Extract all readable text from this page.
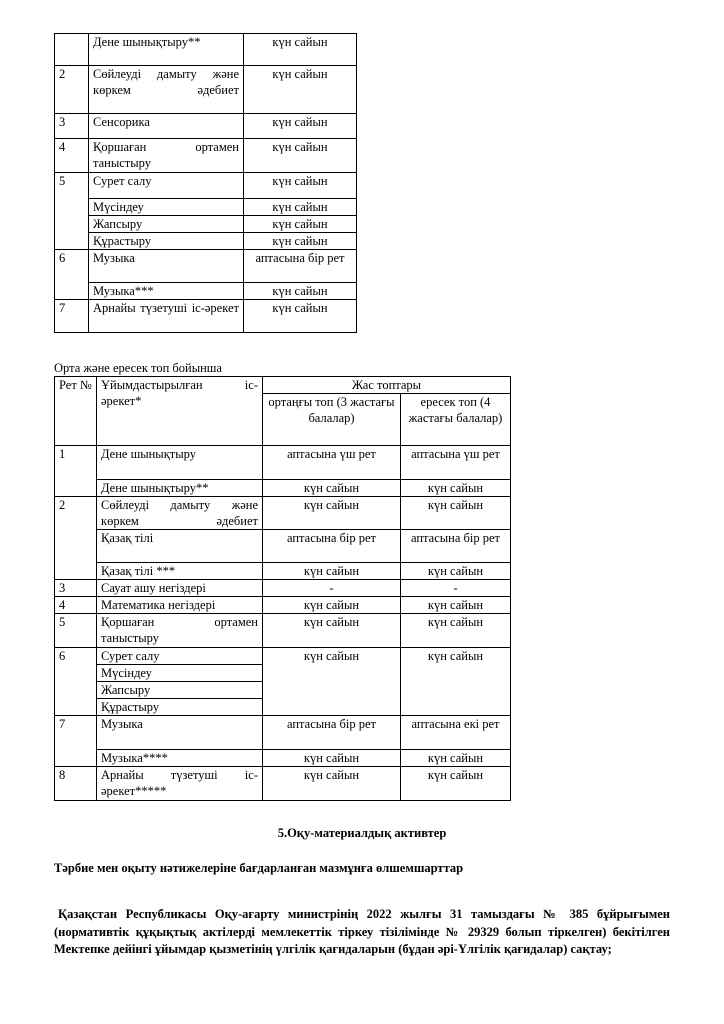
	Дене шынықтыру**	күн сайын
2	Сөйлеуді дамыту және көркем әдебиет	күн сайын
3	Сенсорика	күн сайын
4	Қоршаған ортамен таныстыру	күн сайын
5	Сурет салу	күн сайын
	Мүсіндеу	күн сайын
	Жапсыру	күн сайын
	Құрастыру	күн сайын
6	Музыка	аптасына бір рет
	Музыка***	күн сайын
7	Арнайы түзетуші іс-әрекет	күн сайын
Орта және ересек топ бойынша
Рет №	Ұйымдастырылған іс-әрекет*	Жас топтары	
		ортаңғы топ (3 жастағы балалар)	ересек топ (4 жастағы балалар)
1	Дене шынықтыру	аптасына үш рет	аптасына үш рет
	Дене шынықтыру**	күн сайын	күн сайын
2	Сөйлеуді дамыту және көркем әдебиет	күн сайын	күн сайын
	Қазақ тілі	аптасына бір рет	аптасына бір рет
	Қазақ тілі ***	күн сайын	күн сайын
3	Сауат ашу негіздері	-	-
4	Математика негіздері	күн сайын	күн сайын
5	Қоршаған ортамен таныстыру	күн сайын	күн сайын
6	Сурет салу	күн сайын	күн сайын
	Мүсіндеу		
	Жапсыру		
	Құрастыру		
7	Музыка	аптасына бір рет	аптасына екі рет
	Музыка****	күн сайын	күн сайын
8	Арнайы түзетуші іс-әрекет*****	күн сайын	күн сайын
5.Оқу-материалдық активтер
Тәрбие мен оқыту нәтижелеріне бағдарланған мазмұнға өлшемшарттар
Қазақстан Республикасы Оқу-ағарту министрінің 2022 жылғы 31 тамыздағы № 385 бұйрығымен (нормативтік құқықтық актілерді мемлекеттік тіркеу тізілімінде № 29329 болып тіркелген) бекітілген Мектепке дейінгі ұйымдар қызметінің үлгілік қағидаларын (бұдан әрі-Үлгілік қағидалар) сақтау;
